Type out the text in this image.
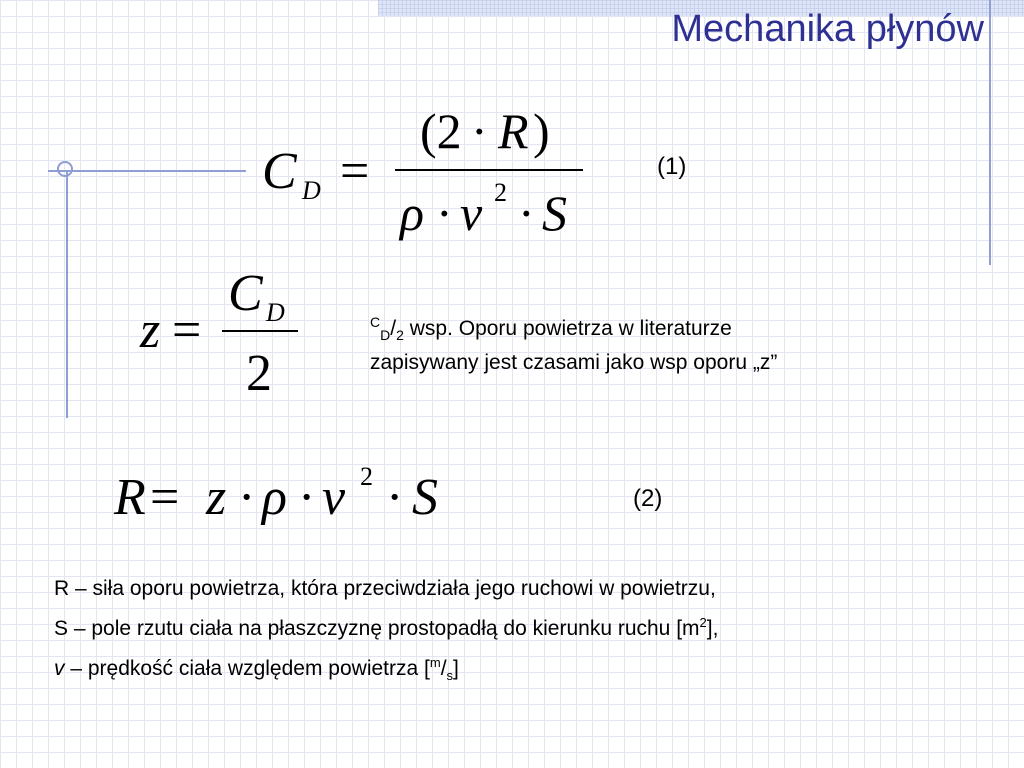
Mechanika płynów
C D =
(2 · R )
ρ · v 2 · S
(1)
z =
C D
2
$^C_D/_2$ wsp. Oporu powietrza w literaturze
zapisywany jest czasami jako wsp oporu „z”
R = z · ρ · v 2 · S	(2)
R – siła oporu powietrza, która przeciwdziała jego ruchowi w powietrzu,
S – pole rzutu ciała na płaszczyznę prostopadłą do kierunku ruchu $[m^2]$,
v – prędkość ciała względem powietrza $[^m/_s]$
